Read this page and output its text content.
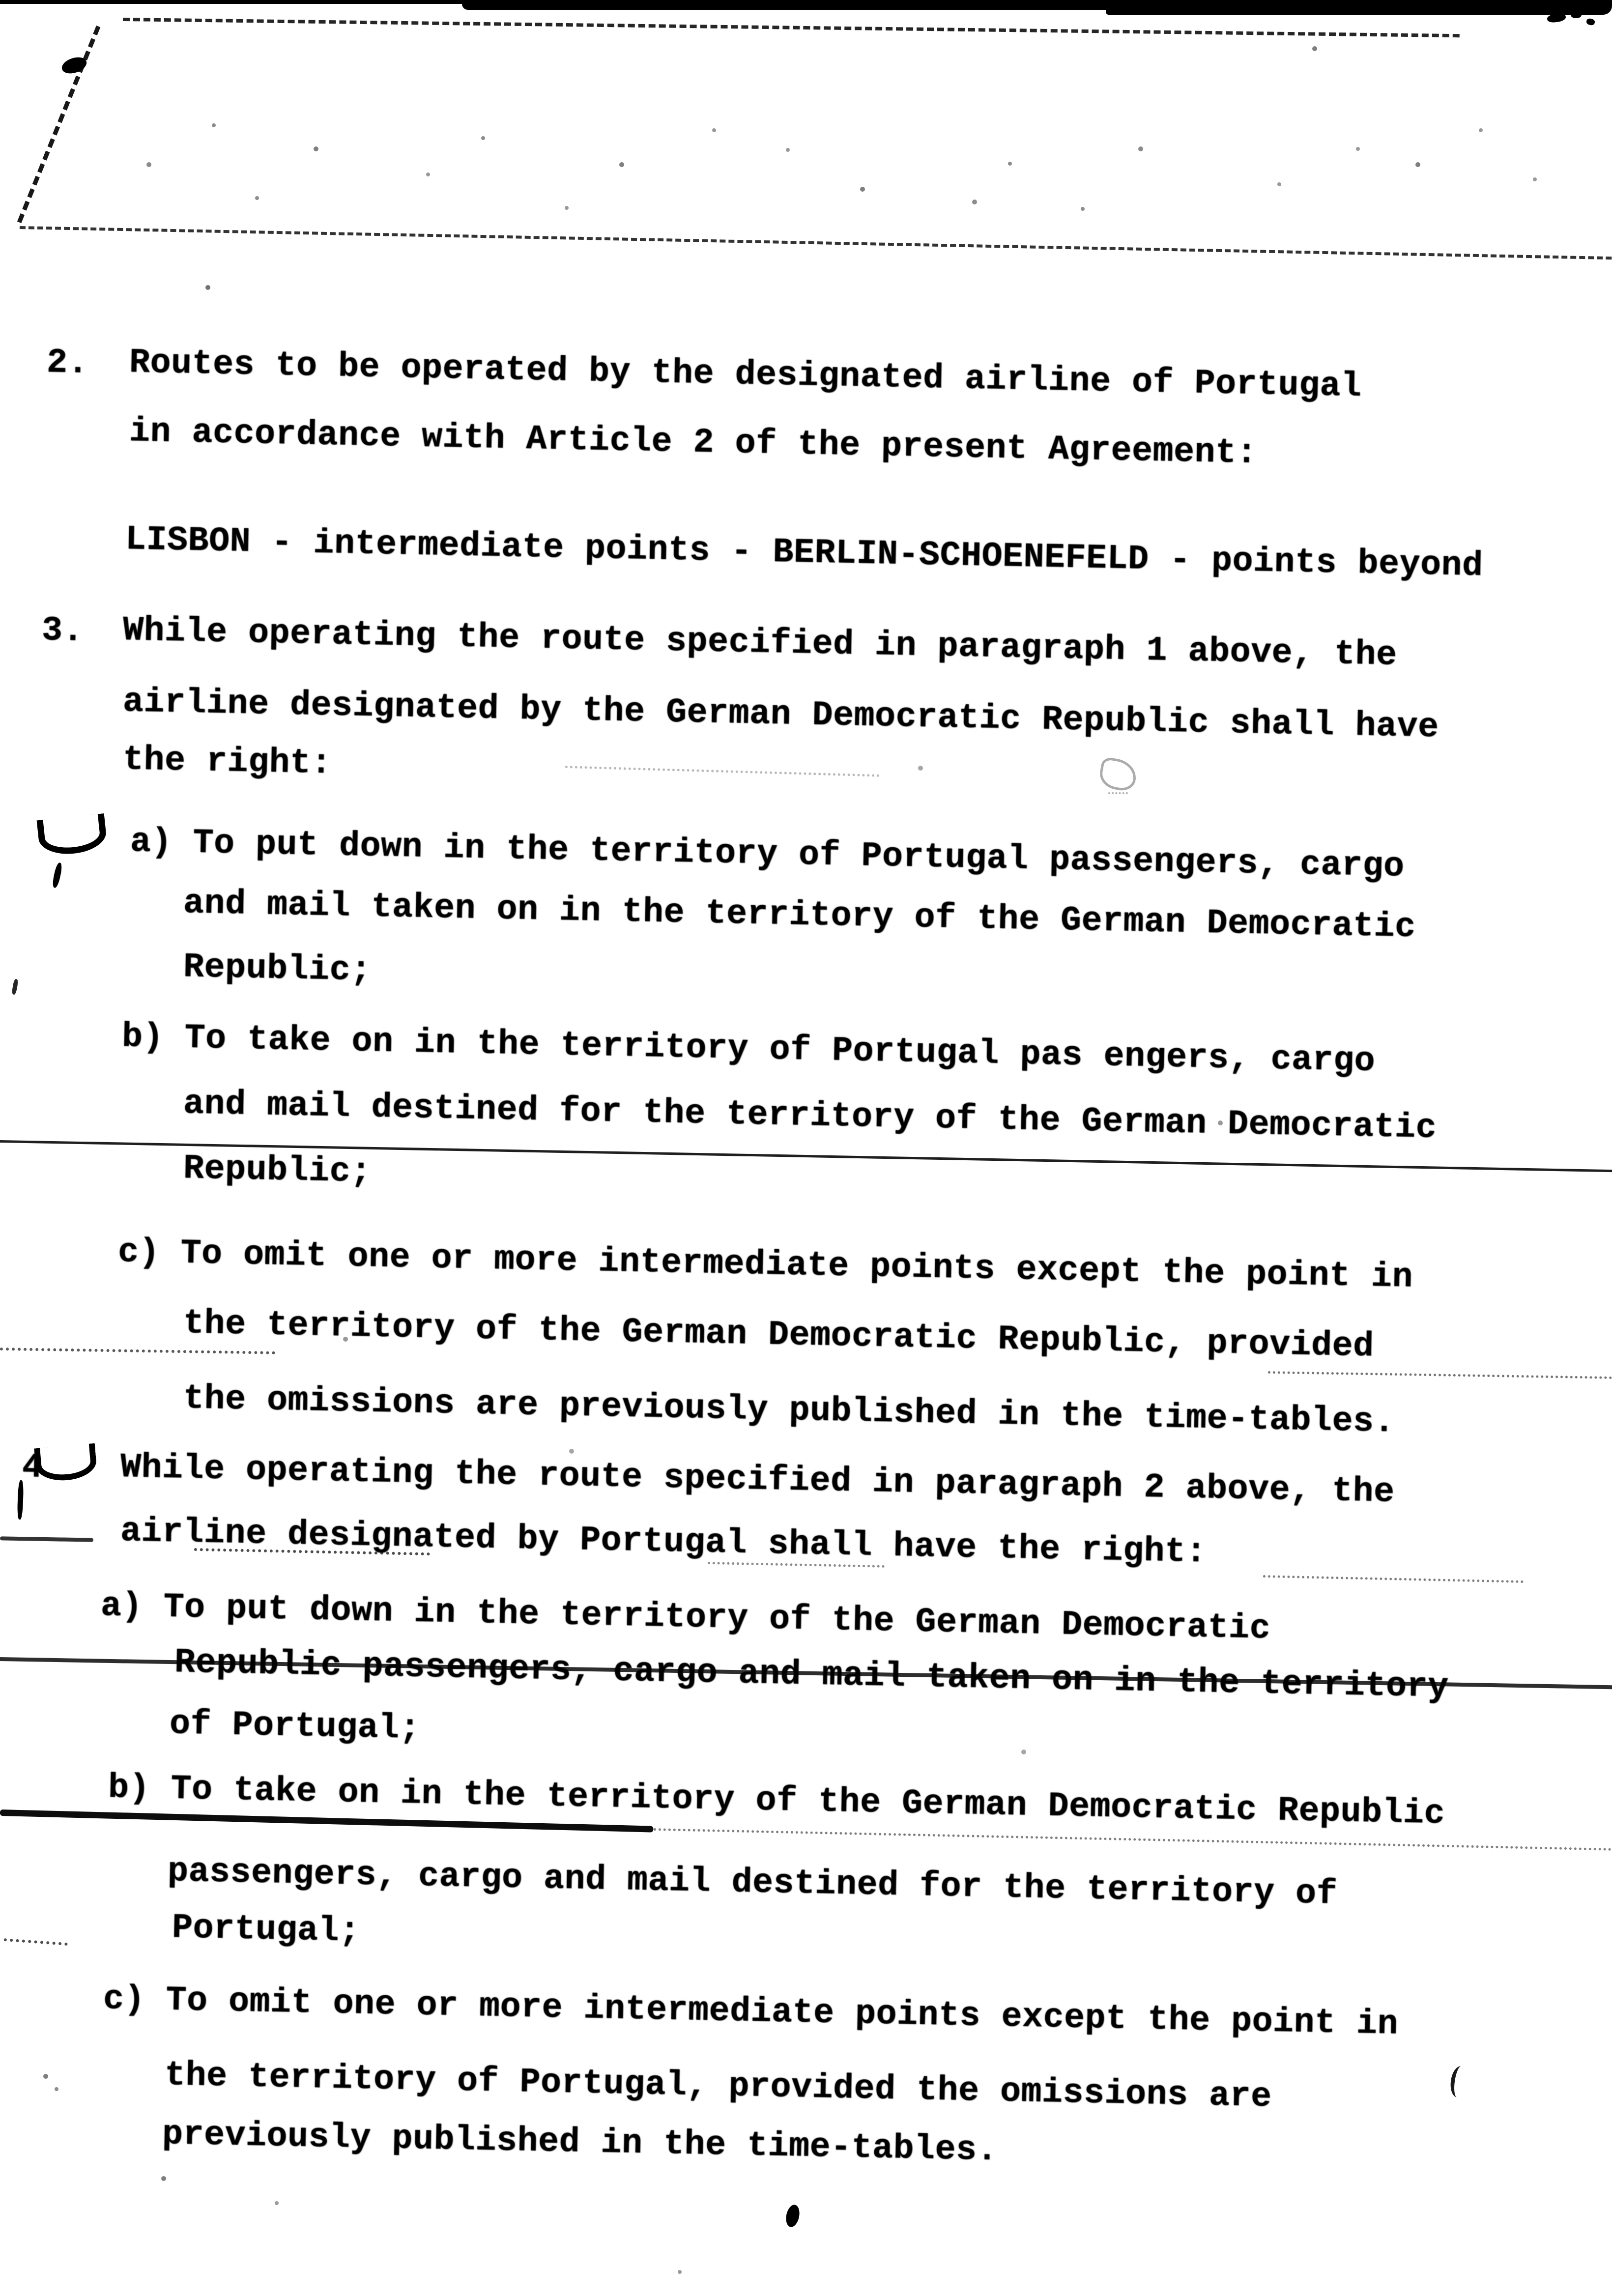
2. Routes to be operated by the designated airline of Portugal
in accordance with Article 2 of the present Agreement:
LISBON - intermediate points - BERLIN-SCHOENEFELD - points beyond
3. While operating the route specified in paragraph 1 above, the
airline designated by the German Democratic Republic shall have
the right:
a) To put down in the territory of Portugal passengers, cargo
and mail taken on in the territory of the German Democratic
Republic;
b) To take on in the territory of Portugal pas engers, cargo
and mail destined for the territory of the German Democratic
Republic;
c) To omit one or more intermediate points except the point in
the territory of the German Democratic Republic, provided
the omissions are previously published in the time-tables.
4 While operating the route specified in paragraph 2 above, the
airline designated by Portugal shall have the right:
a) To put down in the territory of the German Democratic
Republic passengers, cargo and mail taken on in the territory
of Portugal;
b) To take on in the territory of the German Democratic Republic
passengers, cargo and mail destined for the territory of
Portugal;
c) To omit one or more intermediate points except the point in
the territory of Portugal, provided the omissions are
previously published in the time-tables.
